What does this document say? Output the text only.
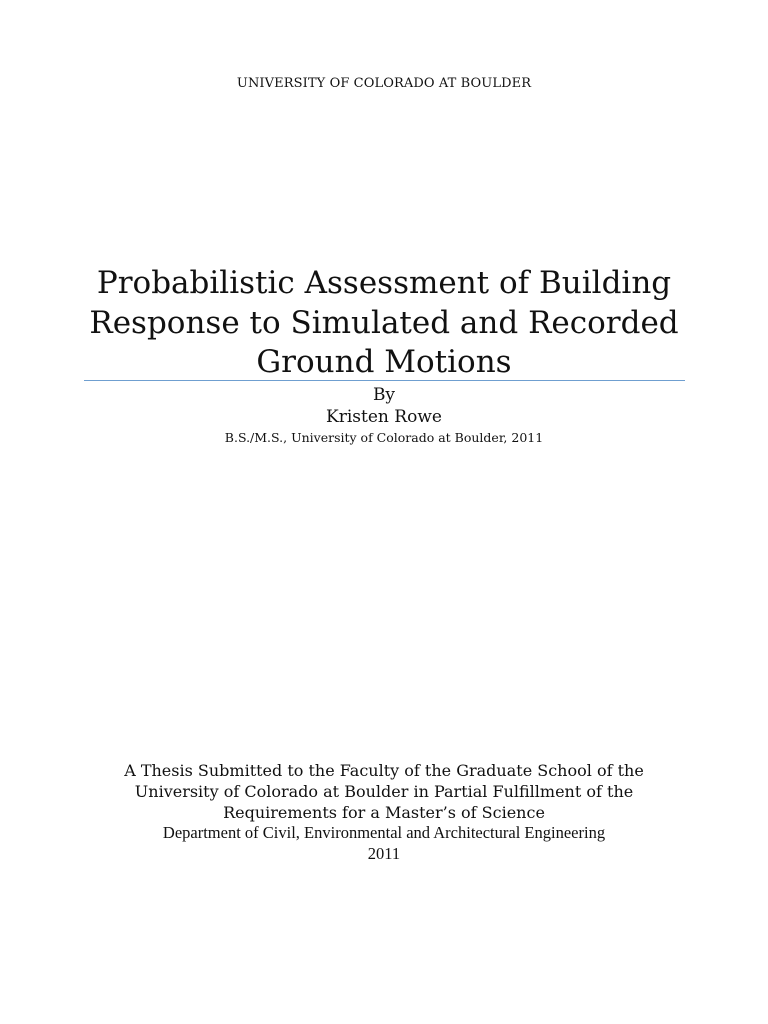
UNIVERSITY OF COLORADO AT BOULDER
Probabilistic Assessment of Building Response to Simulated and Recorded Ground Motions
By
Kristen Rowe
B.S./M.S., University of Colorado at Boulder, 2011
A Thesis Submitted to the Faculty of the Graduate School of the University of Colorado at Boulder in Partial Fulfillment of the Requirements for a Master’s of Science
Department of Civil, Environmental and Architectural Engineering
2011
